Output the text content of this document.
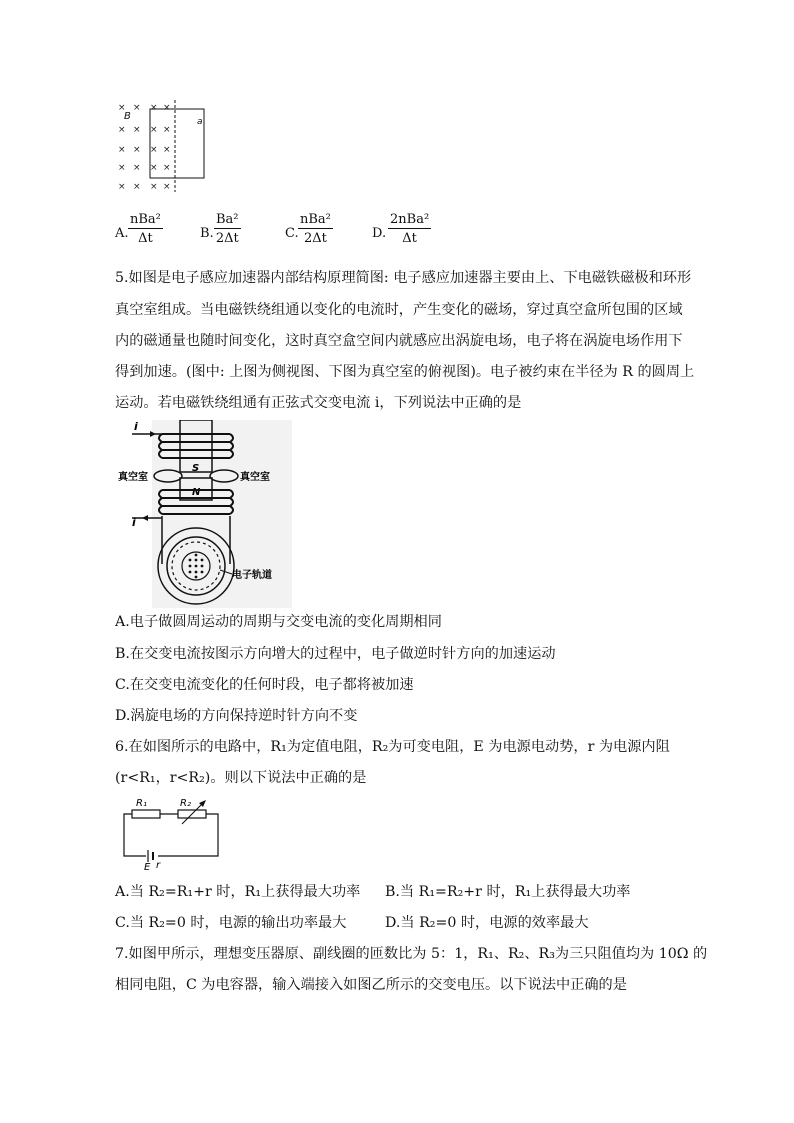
× × × ×
× × × ×
× × × ×
× × × ×
× × × ×
B	a
A.
nBa²
Δt	B. $\frac{\text{Ba²}}{2\Delta t}$	C.
nBa²
2Δt	D.
2nBa²
Δt
5.如图是电子感应加速器内部结构原理简图: 电子感应加速器主要由上、下电磁铁磁极和环形
真空室组成。当电磁铁绕组通以变化的电流时，产生变化的磁场，穿过真空盒所包围的区域
内的磁通量也随时间变化，这时真空盒空间内就感应出涡旋电场，电子将在涡旋电场作用下
得到加速。(图中: 上图为侧视图、下图为真空室的俯视图)。电子被约束在半径为 R 的圆周上
运动。若电磁铁绕组通有正弦式交变电流 i，下列说法中正确的是
i
S
真空室	真空室
N
i
电子轨道
A.电子做圆周运动的周期与交变电流的变化周期相同
B.在交变电流按图示方向增大的过程中，电子做逆时针方向的加速运动
C.在交变电流变化的任何时段，电子都将被加速
D.涡旋电场的方向保持逆时针方向不变
6.在如图所示的电路中，R₁为定值电阻，R₂为可变电阻，E 为电源电动势，r 为电源内阻
(r<R₁，r<R₂)。则以下说法中正确的是
R₁	R₂
E r
A.当 R₂=R₁+r 时，R₁上获得最大功率 B.当 R₁=R₂+r 时，R₁上获得最大功率
C.当 R₂=0 时，电源的输出功率最大	D.当 R₂=0 时，电源的效率最大
7.如图甲所示，理想变压器原、副线圈的匝数比为 5：1，R₁、R₂、R₃为三只阻值均为 10Ω 的
相同电阻，C 为电容器，输入端接入如图乙所示的交变电压。以下说法中正确的是
